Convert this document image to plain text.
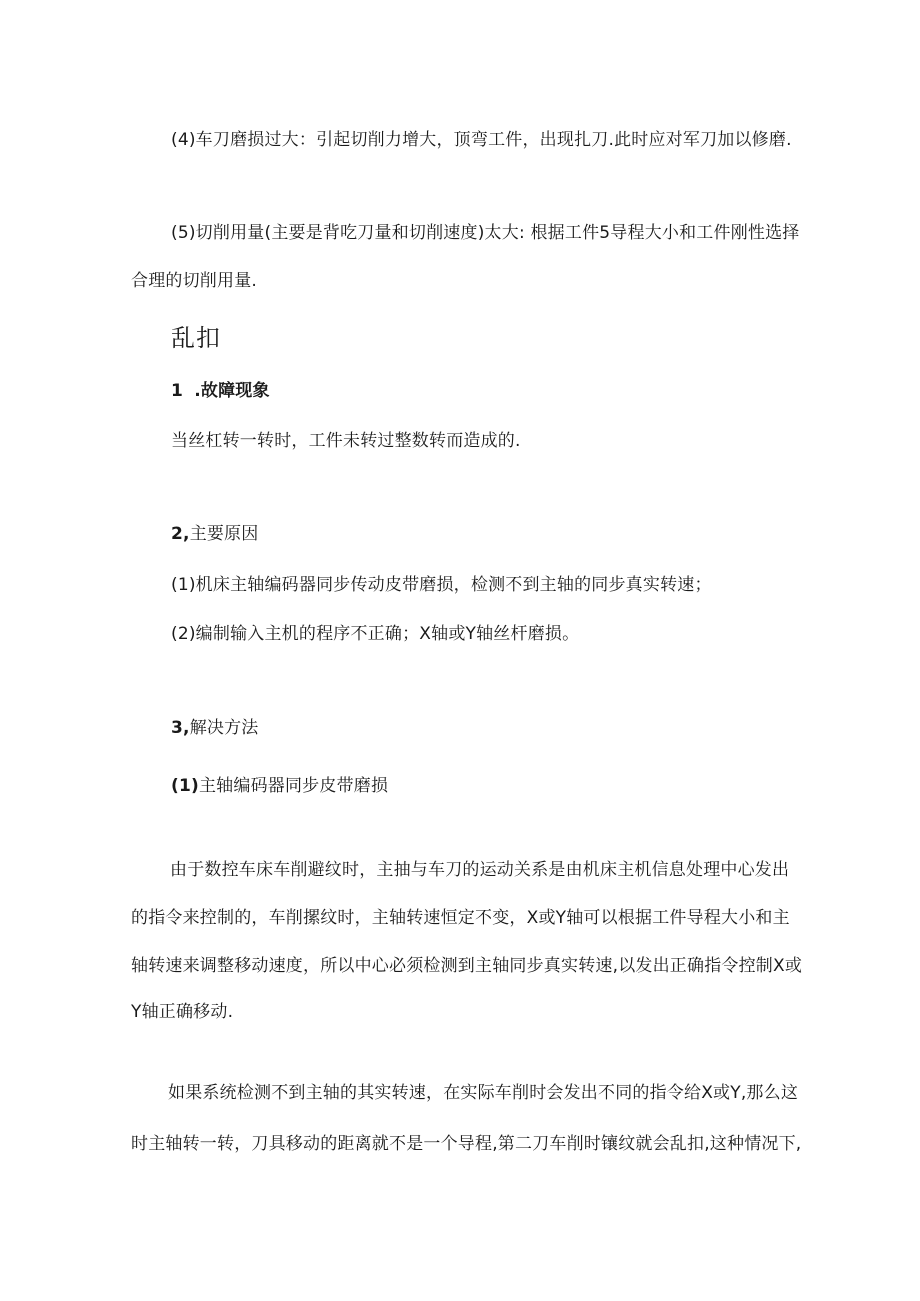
(4)车刀磨损过大：引起切削力增大，顶弯工件，出现扎刀.此时应对军刀加以修磨.
(5)切削用量(主要是背吃刀量和切削速度)太大: 根据工件5导程大小和工件刚性选择
合理的切削用量.
乱扣
1 .故障现象
当丝杠转一转时，工件未转过整数转而造成的.
2,主要原因
(1)机床主轴编码器同步传动皮带磨损，检测不到主轴的同步真实转速；
(2)编制输入主机的程序不正确；X轴或Y轴丝杆磨损。
3,解决方法
(1)主轴编码器同步皮带磨损
由于数控车床车削避纹时，主抽与车刀的运动关系是由机床主机信息处理中心发出
的指令来控制的，车削摞纹时，主轴转速恒定不变，X或Y轴可以根据工件导程大小和主
轴转速来调整移动速度，所以中心必须检测到主轴同步真实转速,以发出正确指令控制X或
Y轴正确移动.
如果系统检测不到主轴的其实转速，在实际车削时会发出不同的指令给X或Y,那么这
时主轴转一转，刀具移动的距离就不是一个导程,第二刀车削时镶纹就会乱扣,这种情况下,
